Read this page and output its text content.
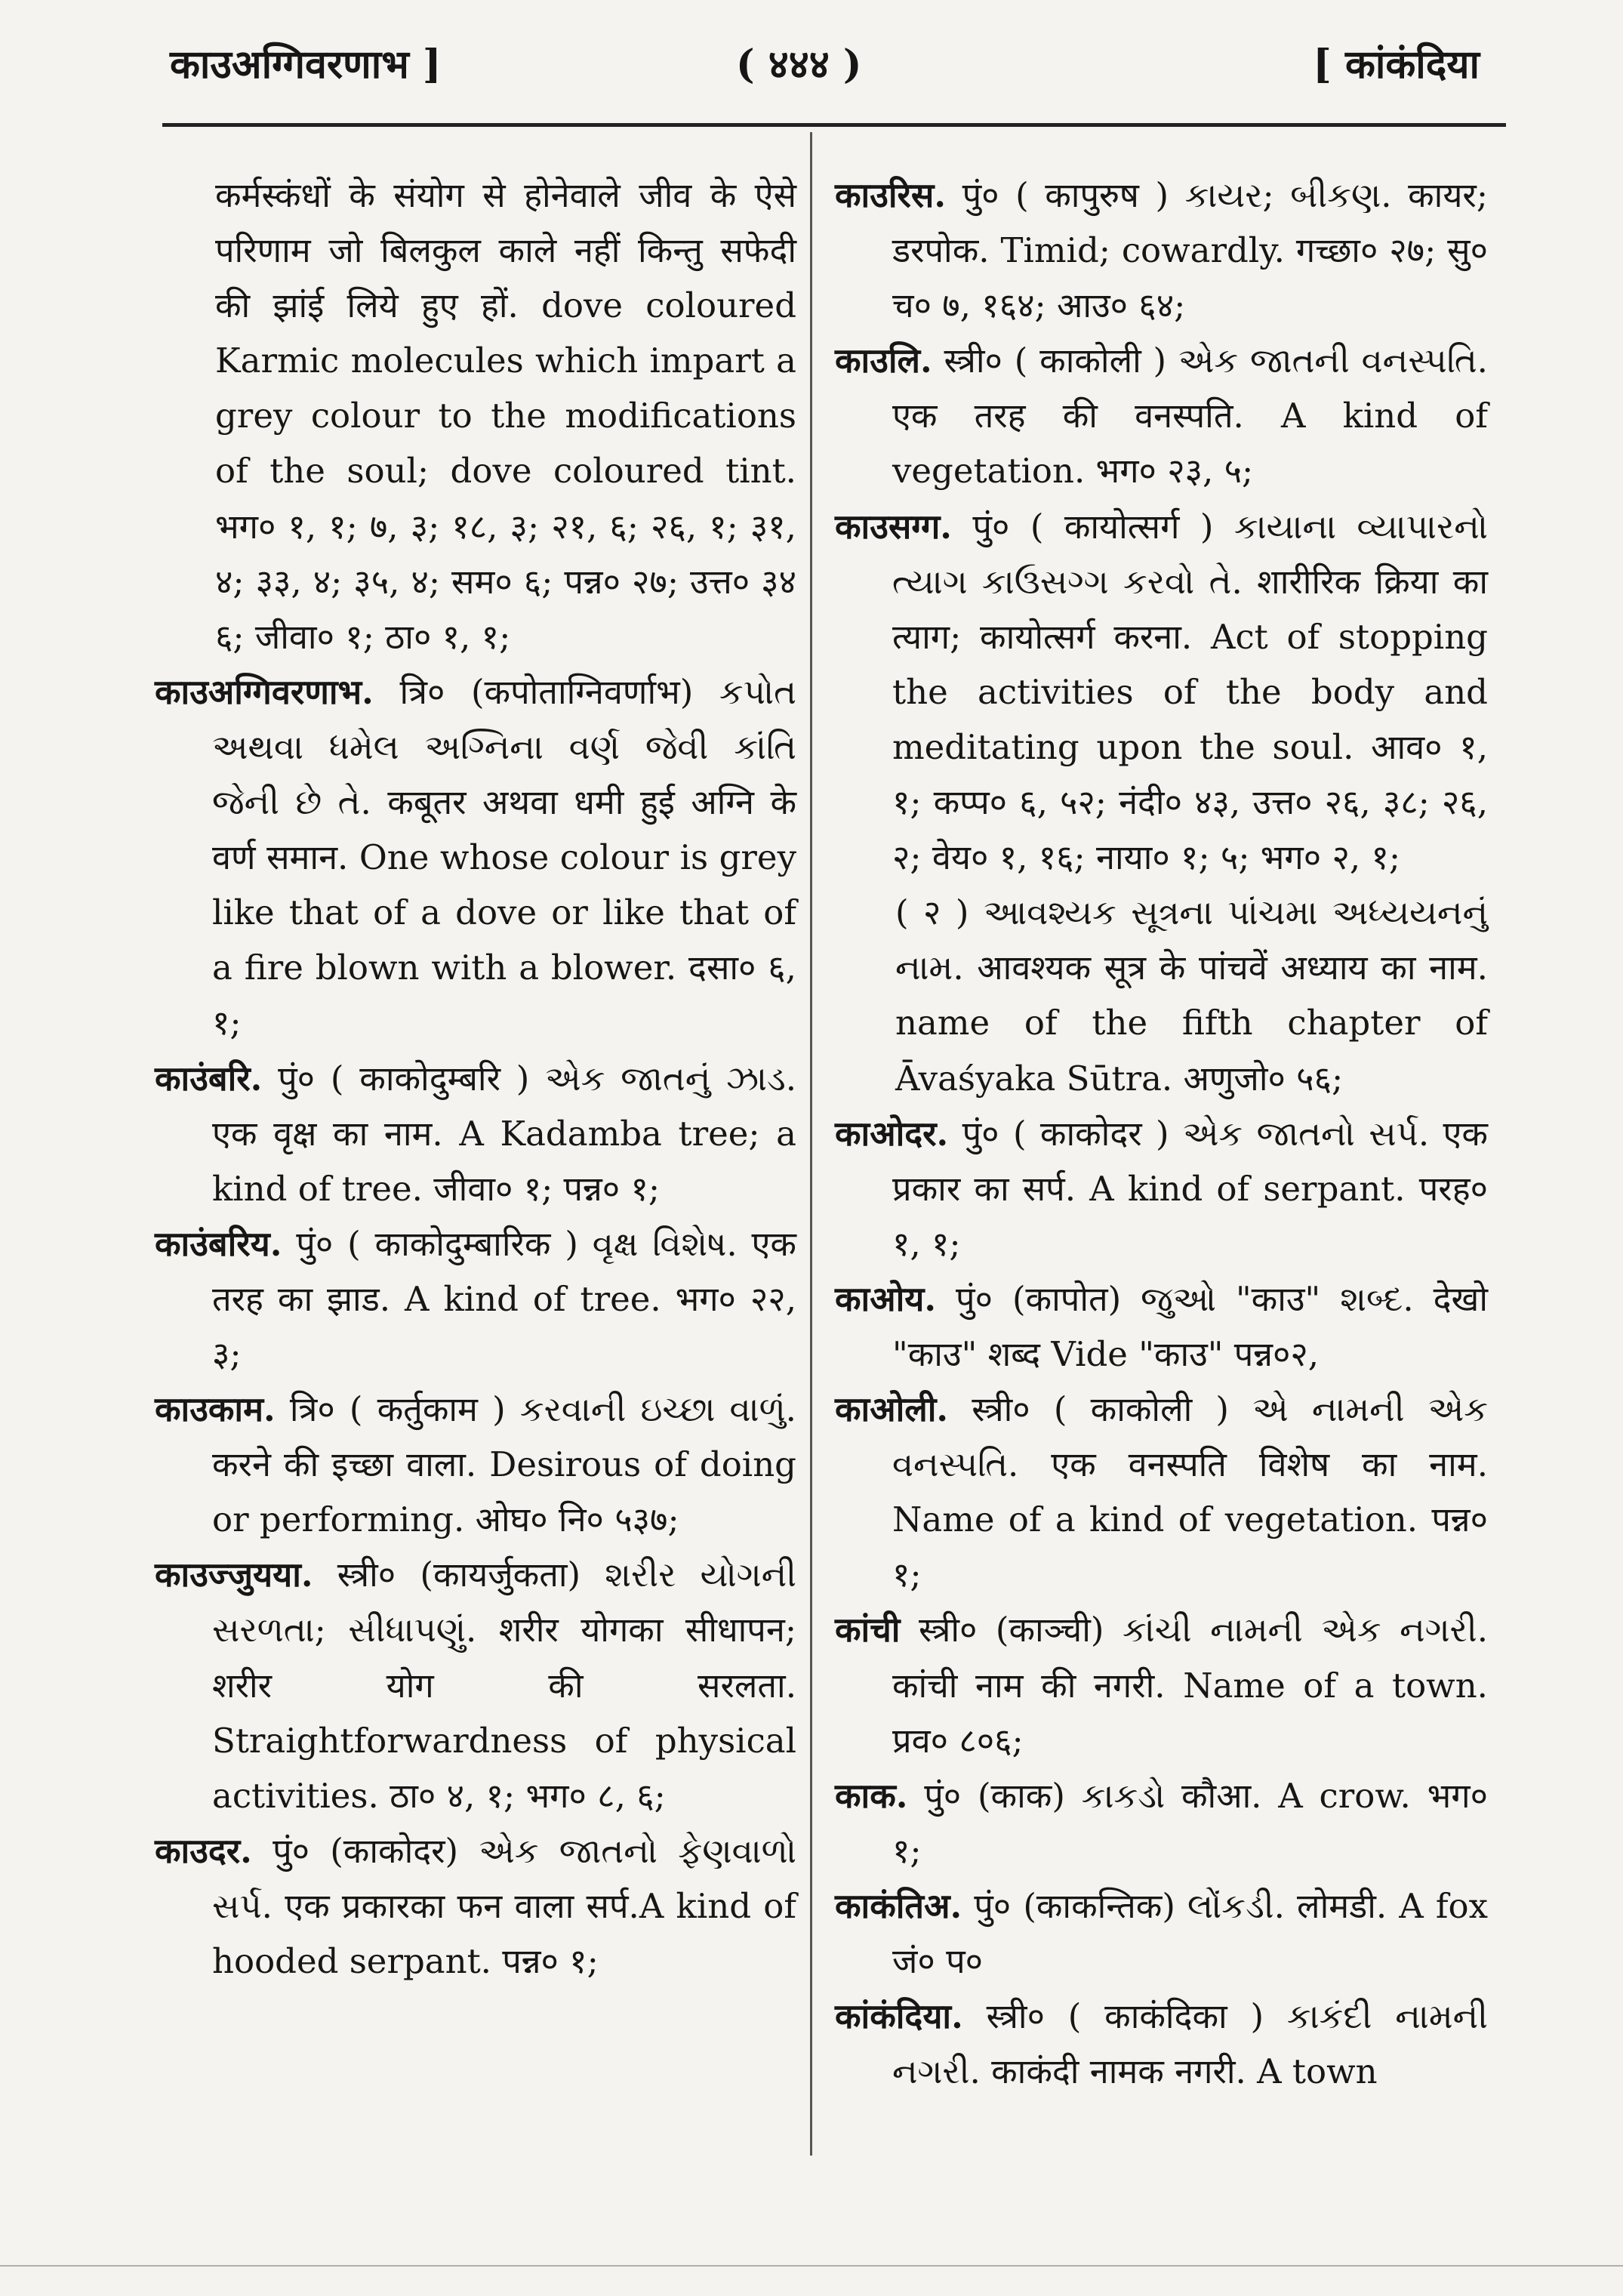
काउअग्गिवरणाभ ]	( ४४४ )	[ कांकंदिया

कर्मस्कंधों के संयोग से होनेवाले जीव के ऐसे परिणाम जो बिलकुल काले नहीं किन्तु सफेदी की झांई लिये हुए हों. dove coloured Karmic molecules which impart a grey colour to the modifications of the soul; dove coloured tint. भग० १, १; ७, ३; १८, ३; २१, ६; २६, १; ३१, ४; ३३, ४; ३५, ४; सम० ६; पन्न० २७; उत्त० ३४ ६; जीवा० १; ठा० १, १;

काउअग्गिवरणाभ. त्रि० (कपोताग्निवर्णाभ) કપોત અથવા ધમેલ અગ્નિના વર્ણ જેવી કાંતિ જેની છે તે. कबूतर अथवा धमी हुई अग्नि के वर्ण समान. One whose colour is grey like that of a dove or like that of a fire blown with a blower. दसा० ६, १;

काउंबरि. पुं० ( काकोदुम्बरि ) એક જાતનું ઝાડ. एक वृक्ष का नाम. A Kadamba tree; a kind of tree. जीवा० १; पन्न० १;

काउंबरिय. पुं० ( काकोदुम्बारिक ) વૃક્ષ વિશેષ. एक तरह का झाड. A kind of tree. भग० २२, ३;

काउकाम. त्रि० ( कर्तुकाम ) કરવાની ઇચ્છા વાળું. करने की इच्छा वाला. Desirous of doing or performing. ओघ० नि० ५३७;

काउज्जुयया. स्त्री० (कायर्जुकता) શરીર યોગની સરળતા; સીધાપણું. शरीर योगका सीधापन; शरीर योग की सरलता. Straightforwardness of physical activities. ठा० ४, १; भग० ८, ६;

काउदर. पुं० (काकोदर) એક જાતનો ફેણવાળો સર્પ. एक प्रकारका फन वाला सर्प.A kind of hooded serpant. पन्न० १;

काउरिस. पुं० ( कापुरुष ) કાયર; બીકણ. कायर; डरपोक. Timid; cowardly. गच्छा० २७; सु० च० ७, १६४; आउ० ६४;

काउलि. स्त्री० ( काकोली ) એક જાતની વનસ્પતિ. एक तरह की वनस्पति. A kind of vegetation. भग० २३, ५;

काउसग्ग. पुं० ( कायोत्सर्ग ) કાયાના વ્યાપારનો ત્યાગ કાઉસગ્ગ કરવો તે. शारीरिक क्रिया का त्याग; कायोत्सर्ग करना. Act of stopping the activities of the body and meditating upon the soul. आव० १, १; कप्प० ६, ५२; नंदी० ४३, उत्त० २६, ३८; २६, २; वेय० १, १६; नाया० १; ५; भग० २, १;

( २ ) આવશ્યક સૂત્રના પાંચમા અધ્યયનનું નામ. आवश्यक सूत्र के पांचवें अध्याय का नाम. name of the fifth chapter of Āvaśyaka Sūtra. अणुजो० ५६;

काओदर. पुं० ( काकोदर ) એક જાતનો સર્પ. एक प्रकार का सर्प. A kind of serpant. परह० १, १;

काओय. पुं० (कापोत) જુઓ "काउ" શબ્દ. देखो "काउ" शब्द Vide "काउ" पन्न०२,

काओली. स्त्री० ( काकोली ) એ નામની એક વનસ્પતિ. एक वनस्पति विशेष का नाम. Name of a kind of vegetation. पन्न० १;

कांची स्त्री० (काञ्ची) કાંચી નામની એક નગરી. कांची नाम की नगरी. Name of a town. प्रव० ८०६;

काक. पुं० (काक) કાકડો कौआ. A crow. भग० १;

काकंतिअ. पुं० (काकन्तिक) લોંકડી. लोमडी. A fox जं० प०

कांकंदिया. स्त्री० ( काकंदिका ) કાકંદી નામની નગરી. काकंदी नामक नगरी. A town
